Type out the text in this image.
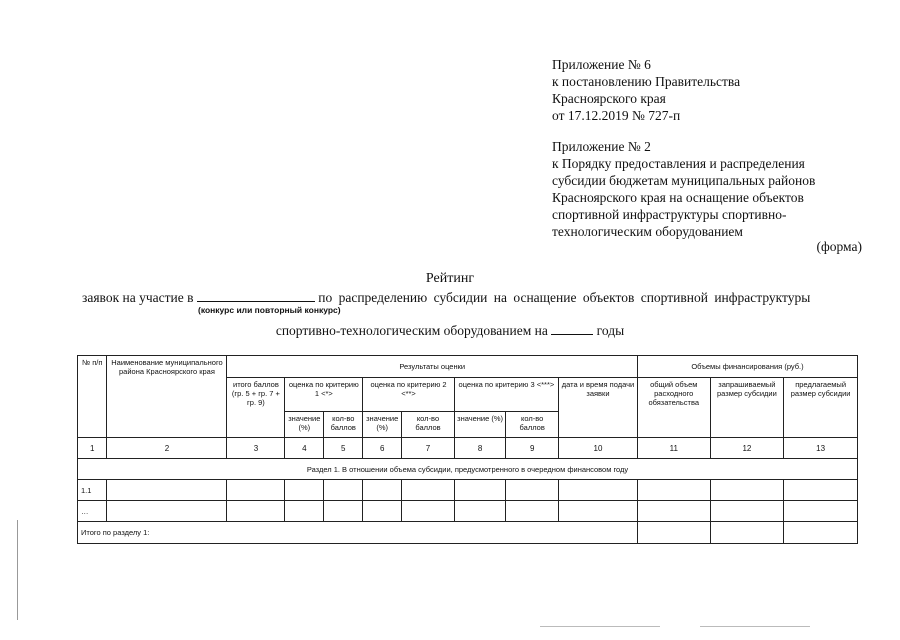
Приложение № 6
к постановлению Правительства
Красноярского края
от 17.12.2019 № 727-п
Приложение № 2
к Порядку предоставления и распределения
субсидии бюджетам муниципальных районов
Красноярского края на оснащение объектов
спортивной инфраструктуры спортивно-
технологическим оборудованием
(форма)
Рейтинг
заявок на участие в	по распределению субсидии на оснащение объектов спортивной инфраструктуры
(конкурс или повторный конкурс)
спортивно-технологическим оборудованием на	годы
№ п/п	Наименование муниципального района Красноярского края	Результаты оценки								Объемы финансирования (руб.)		
		итого баллов (гр. 5 + гр. 7 + гр. 9)	оценка по критерию 1 <*>		оценка по критерию 2 <**>		оценка по критерию 3 <***>		дата и время подачи заявки	общий объем расходного обязательства	запрашиваемый размер субсидии	предлагаемый размер субсидии
			значение (%)	кол-во баллов	значение (%)	кол-во баллов	значение (%)	кол-во баллов				
1	2	3	4	5	6	7	8	9	10	11	12	13
Раздел 1. В отношении объема субсидии, предусмотренного в очередном финансовом году												
1.1												
…												
Итого по разделу 1:												
